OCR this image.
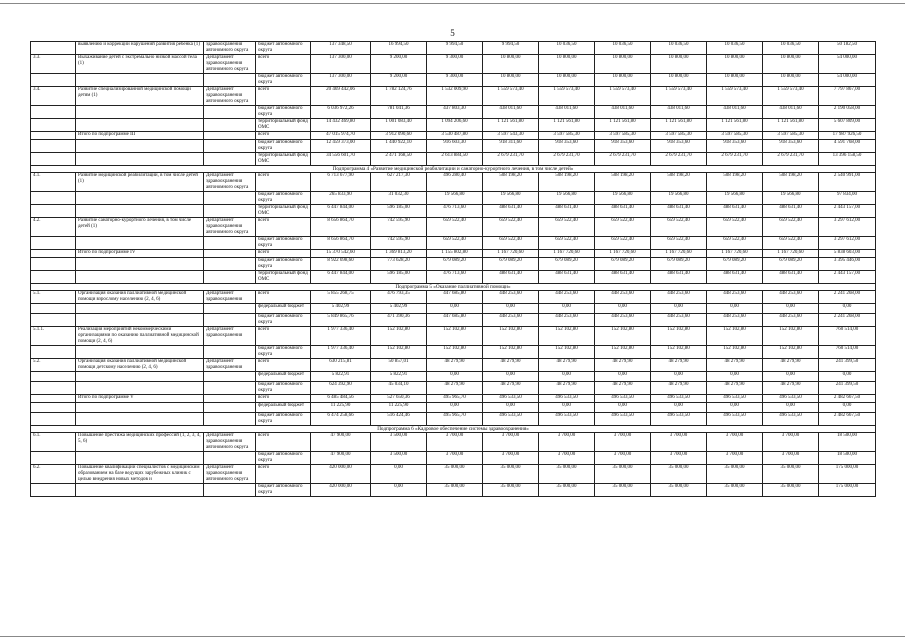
5
	выявлению и коррекции нарушений развития ребенка (1)	здравоохранения автономного округа	бюджет автономного округа	137 348,50	16 994,50	9 994,50	9 994,50	10 036,50	10 036,50	10 036,50	10 036,50	10 036,50	50 182,50
3.3.	Выхаживание детей с экстремально низкой массой тела (1)	Департамент здравоохранения автономного округа	всего	137 300,00	9 200,00	9 300,00	10 800,00	10 800,00	10 800,00	10 800,00	10 800,00	10 800,00	54 000,00
			бюджет автономного округа	137 300,00	9 200,00	9 300,00	10 800,00	10 800,00	10 800,00	10 800,00	10 800,00	10 800,00	54 000,00
3.4.	Развитие специализированной медицинской помощи детям (1)	Департамент здравоохранения автономного округа	всего	20 469 442,06	1 782 124,76	1 532 009,90	1 559 573,40	1 559 573,40	1 559 573,40	1 559 573,40	1 559 573,40	1 559 573,40	7 797 867,00
			бюджет автономного округа	6 036 972,26	781 041,36	437 803,30	438 011,60	438 011,60	438 011,60	438 011,60	438 011,60	438 011,60	2 190 058,00
			территориальный фонд ОМС	14 432 469,80	1 001 083,40	1 094 206,60	1 121 561,80	1 121 561,80	1 121 561,80	1 121 561,80	1 121 561,80	1 121 561,80	5 607 809,00
	Итого по подпрограмме III		всего	47 015 974,70	3 912 090,60	3 530 487,80	3 597 543,30	3 597 585,30	3 597 585,30	3 597 585,30	3 597 585,30	3 597 585,30	17 987 926,50
			бюджет автономного округа	12 459 373,00	1 440 922,10	916 603,30	918 311,60	918 353,60	918 353,60	918 353,60	918 353,60	918 353,60	4 591 768,00
			территориальный фонд ОМС	34 556 601,70	2 471 168,50	2 613 884,50	2 679 231,70	2 679 231,70	2 679 231,70	2 679 231,70	2 679 231,70	2 679 231,70	13 396 158,50
Подпрограмма 4 «Развитие медицинской реабилитации и санаторно-курортного лечения, в том числе детей»													
4.1.	Развитие медицинской реабилитации, в том числе детей (1)	Департамент здравоохранения автономного округа	всего	6 713 677,90	627 217,30	496 280,40	508 198,20	508 198,20	508 198,20	508 198,20	508 198,20	508 198,20	2 540 991,00
			бюджет автономного округа	265 833,90	31 032,30	19 566,80	19 566,80	19 566,80	19 566,80	19 566,80	19 566,80	19 566,80	97 834,00
			территориальный фонд ОМС	6 447 844,00	596 185,00	476 713,60	488 631,40	488 631,40	488 631,40	488 631,40	488 631,40	488 631,40	2 443 157,00
4.2.	Развитие санаторно-курортного лечения, в том числе детей (1)	Департамент здравоохранения автономного округа	всего	8 656 864,70	742 595,90	659 522,40	659 522,40	659 522,40	659 522,40	659 522,40	659 522,40	659 522,40	3 297 612,00
			бюджет автономного округа	8 656 864,70	742 595,90	659 522,40	659 522,40	659 522,40	659 522,40	659 522,40	659 522,40	659 522,40	3 297 612,00
	Итого по подпрограмме IV		всего	15 370 542,60	1 369 813,20	1 155 802,80	1 167 720,60	1 167 720,60	1 167 720,60	1 167 720,60	1 167 720,60	1 167 720,60	5 838 603,00
			бюджет автономного округа	8 922 698,60	773 628,20	679 089,20	679 089,20	679 089,20	679 089,20	679 089,20	679 089,20	679 089,20	3 395 446,00
			территориальный фонд ОМС	6 447 844,00	596 185,00	476 713,60	488 631,40	488 631,40	488 631,40	488 631,40	488 631,40	488 631,40	2 443 157,00
Подпрограмма 5 «Оказание паллиативной помощи»													
5.1.	Организация оказания паллиативной медицинской помощи взрослому населению (2, 4, 6)	Департамент здравоохранения	всего	5 855 268,75	476 793,35	447 685,80	448 253,60	448 253,60	448 253,60	448 253,60	448 253,60	448 253,60	2 241 268,00
			федеральный бюджет	5 402,99	5 402,99	0,00	0,00	0,00	0,00	0,00	0,00	0,00	0,00
			бюджет автономного округа	5 849 865,76	471 390,36	447 685,80	448 253,60	448 253,60	448 253,60	448 253,60	448 253,60	448 253,60	2 241 268,00
5.1.1.	Реализация мероприятий некоммерческими организациями по оказанию паллиативной медицинской помощи (2, 4, 6)	Департамент здравоохранения	всего	1 977 336,40	152 102,80	152 102,80	152 102,80	152 102,80	152 102,80	152 102,80	152 102,80	152 102,80	760 514,00
			бюджет автономного округа	1 977 336,40	152 102,80	152 102,80	152 102,80	152 102,80	152 102,80	152 102,80	152 102,80	152 102,80	760 514,00
5.2.	Организация оказания паллиативной медицинской помощи детскому населению (2, 4, 6)	Департамент здравоохранения	всего	630 215,81	50 857,01	48 279,90	48 279,90	48 279,90	48 279,90	48 279,90	48 279,90	48 279,90	241 399,50
			федеральный бюджет	5 822,91	5 822,91	0,00	0,00	0,00	0,00	0,00	0,00	0,00	0,00
			бюджет автономного округа	624 392,90	45 034,10	48 279,90	48 279,90	48 279,90	48 279,90	48 279,90	48 279,90	48 279,90	241 399,50
	Итого по подпрограмме V		всего	6 485 484,56	527 650,36	495 965,70	496 533,50	496 533,50	496 533,50	496 533,50	496 533,50	496 533,50	2 482 667,50
			федеральный бюджет	11 225,90	11 225,90	0,00	0,00	0,00	0,00	0,00	0,00	0,00	0,00
			бюджет автономного округа	6 474 258,66	516 424,46	495 965,70	496 533,50	496 533,50	496 533,50	496 533,50	496 533,50	496 533,50	2 482 667,50
Подпрограмма 6 «Кадровое обеспечение системы здравоохранения»													
6.1.	Повышение престижа медицинских профессий (1, 2, 3, 4, 5, 6)	Департамент здравоохранения автономного округа	всего	47 900,00	3 500,00	3 700,00	3 700,00	3 700,00	3 700,00	3 700,00	3 700,00	3 700,00	18 500,00
			бюджет автономного округа	47 900,00	3 500,00	3 700,00	3 700,00	3 700,00	3 700,00	3 700,00	3 700,00	3 700,00	18 500,00
6.2.	Повышение квалификации специалистов с медицинским образованием на базе ведущих зарубежных клиник с целью внедрения новых методов и	Департамент здравоохранения автономного округа	всего	420 000,00	0,00	35 000,00	35 000,00	35 000,00	35 000,00	35 000,00	35 000,00	35 000,00	175 000,00
			бюджет автономного округа	420 000,00	0,00	35 000,00	35 000,00	35 000,00	35 000,00	35 000,00	35 000,00	35 000,00	175 000,00
